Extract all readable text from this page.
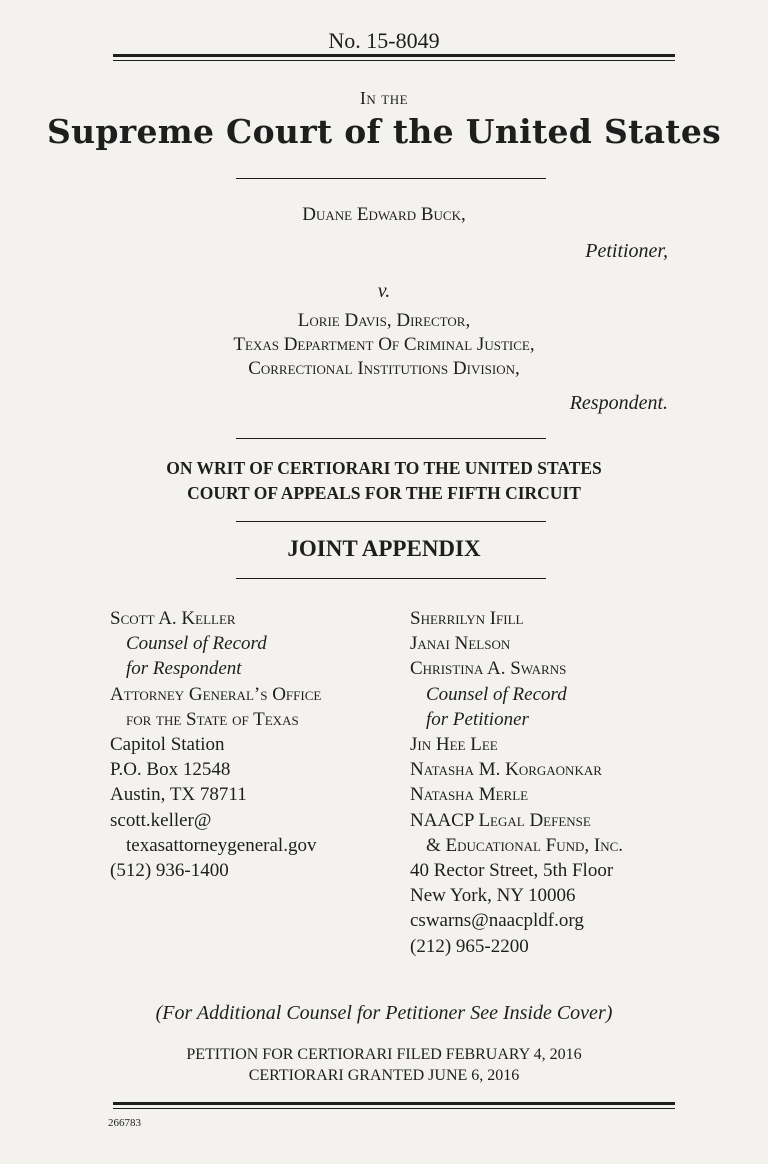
No. 15-8049
In the
Supreme Court of the United States
Duane Edward Buck,
Petitioner,
v.
Lorie Davis, Director,
Texas Department Of Criminal Justice,
Correctional Institutions Division,
Respondent.
ON WRIT OF CERTIORARI TO THE UNITED STATES
COURT OF APPEALS FOR THE FIFTH CIRCUIT
JOINT APPENDIX
Scott A. Keller
Counsel of Record
for Respondent
Attorney General’s Office
for the State of Texas
Capitol Station
P.O. Box 12548
Austin, TX 78711
scott.keller@
texasattorneygeneral.gov
(512) 936-1400
Sherrilyn Ifill
Janai Nelson
Christina A. Swarns
Counsel of Record
for Petitioner
Jin Hee Lee
Natasha M. Korgaonkar
Natasha Merle
NAACP Legal Defense
& Educational Fund, Inc.
40 Rector Street, 5th Floor
New York, NY 10006
cswarns@naacpldf.org
(212) 965-2200
(For Additional Counsel for Petitioner See Inside Cover)
PETITION FOR CERTIORARI FILED FEBRUARY 4, 2016
CERTIORARI GRANTED JUNE 6, 2016
266783
